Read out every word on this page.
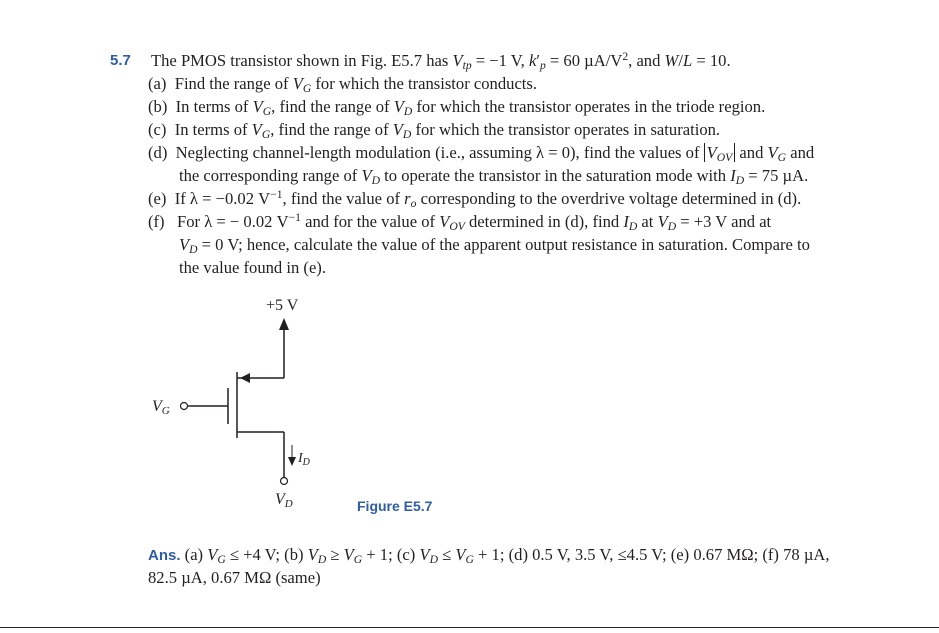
5.7 The PMOS transistor shown in Fig. E5.7 has $V_{tp} = -1$ V, $k'_p = 60$ $\mu A/V^2$, and W/L = 10.
(a)  Find the range of $V_G$ for which the transistor conducts.
(b)  In terms of $V_G$, find the range of $V_D$ for which the transistor operates in the triode region.
(c)  In terms of $V_G$, find the range of $V_D$ for which the transistor operates in saturation.
(d)  Neglecting channel-length modulation (i.e., assuming λ = 0), find the values of $V_{OV}$ and $V_G$ and
the corresponding range of $V_D$ to operate the transistor in the saturation mode with $I_D = 75$ µA.
(e)  If λ = −0.02 $V^{-1}$, find the value of $r_o$ corresponding to the overdrive voltage determined in (d).
(f)   For λ = − 0.02 $V^{-1}$ and for the value of $V_{OV}$ determined in (d), find $I_D$ at $V_D = +3$ V and at
$V_D = 0$ V; hence, calculate the value of the apparent output resistance in saturation. Compare to
the value found in (e).
+5 V
VG
$I_D$
VD	Figure E5.7
Ans. (a) $V_G \le +4$ V; (b) $V_D \ge V_G + 1$; (c) $V_D \le V_G + 1$; (d) 0.5 V, 3.5 V, ≤4.5 V; (e) 0.67 MΩ; (f) 78 µA,
82.5 µA, 0.67 MΩ (same)
